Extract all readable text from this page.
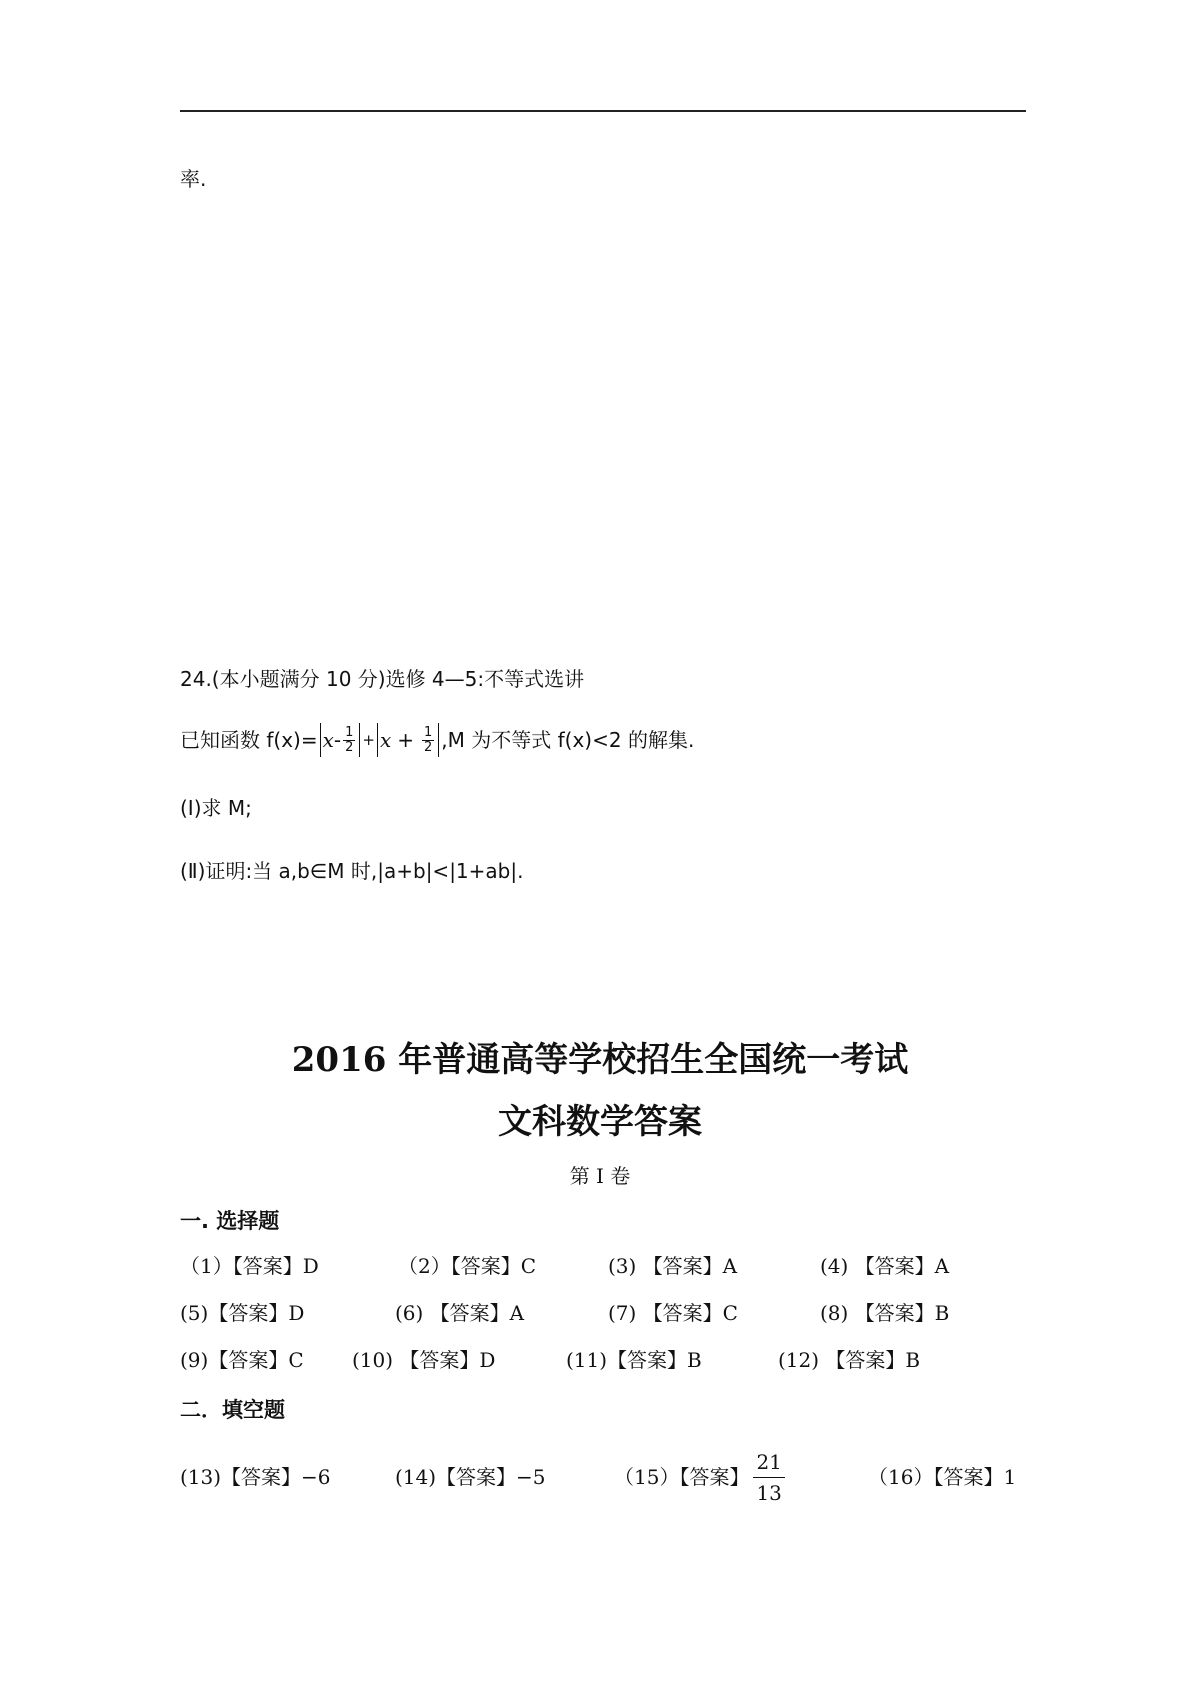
率.
24.(本小题满分 10 分)选修 4—5:不等式选讲
已知函数 $f(x)= x - \frac{1}{2} + x + \frac{1}{2} ,M$ 为不等式 f(x)<2 的解集.
(Ⅰ)求 M;
(Ⅱ)证明:当 a,b∈M 时,|a+b|<|1+ab|.
2016 年普通高等学校招生全国统一考试
文科数学答案
第 I 卷
一. 选择题
（1）【答案】D	（2）【答案】C	(3) 【答案】A	(4) 【答案】A
(5)【答案】D	(6) 【答案】A	(7) 【答案】C	(8) 【答案】B
(9)【答案】C (10) 【答案】D	(11)【答案】B	(12) 【答案】B
二．填空题
(13)【答案】−6	(14)【答案】−5	（15）【答案】 $\frac{21}{13}$	（16）【答案】1
